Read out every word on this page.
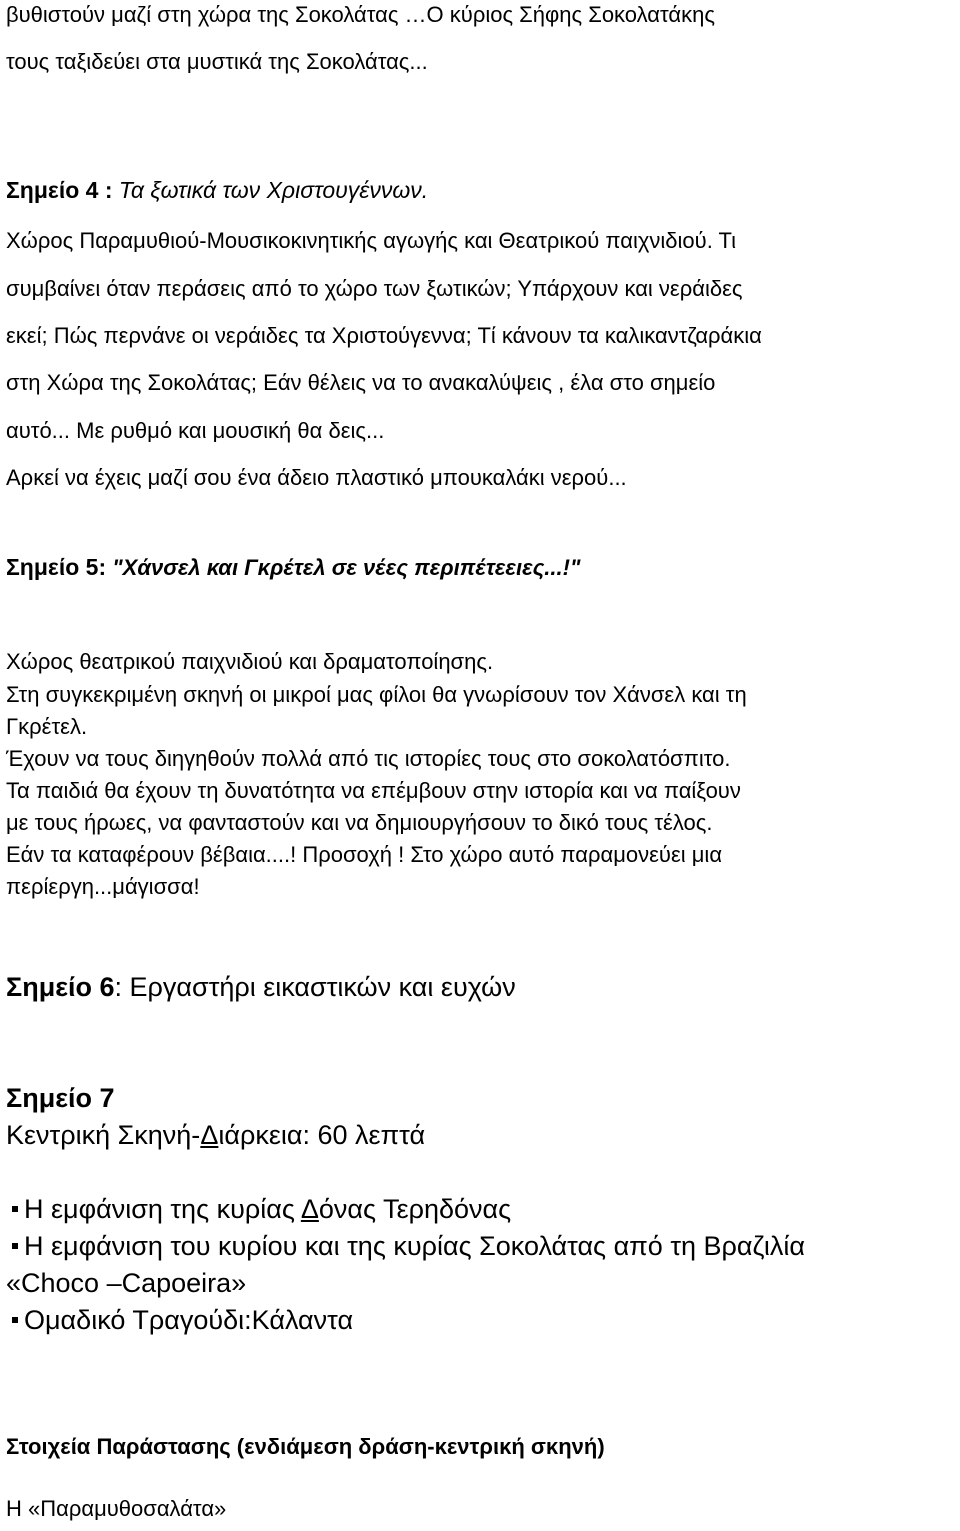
βυθιστούν μαζί στη χώρα της Σοκολάτας …Ο κύριος Σήφης Σοκολατάκης
τους ταξιδεύει στα μυστικά της Σοκολάτας...
Σημείο 4 : Τα ξωτικά των Χριστουγέννων.
Χώρος Παραμυθιού-Μουσικοκινητικής αγωγής και Θεατρικού παιχνιδιού. Τι
συμβαίνει όταν περάσεις από το χώρο των ξωτικών; Υπάρχουν και νεράιδες
εκεί; Πώς περνάνε οι νεράιδες τα Χριστούγεννα; Τί κάνουν τα καλικαντζαράκια
στη Χώρα της Σοκολάτας; Εάν θέλεις να το ανακαλύψεις , έλα στο σημείο
αυτό... Με ρυθμό και μουσική θα δεις...
Αρκεί να έχεις μαζί σου ένα άδειο πλαστικό μπουκαλάκι νερού...
Σημείο 5: "Χάνσελ και Γκρέτελ σε νέες περιπέτεειες...!"
Χώρος θεατρικού παιχνιδιού και δραματοποίησης.
Στη συγκεκριμένη σκηνή οι μικροί μας φίλοι θα γνωρίσουν τον Χάνσελ και τη
Γκρέτελ.
Έχουν να τους διηγηθούν πολλά από τις ιστορίες τους στο σοκολατόσπιτο.
Τα παιδιά θα έχουν τη δυνατότητα να επέμβουν στην ιστορία και να παίξουν
με τους ήρωες, να φανταστούν και να δημιουργήσουν το δικό τους τέλος.
Εάν τα καταφέρουν βέβαια....! Προσοχή ! Στο χώρο αυτό παραμονεύει μια
περίεργη...μάγισσα!
Σημείο 6: Εργαστήρι εικαστικών και ευχών
Σημείο 7
Κεντρική Σκηνή-Διάρκεια: 60 λεπτά
Η εμφάνιση της κυρίας Δόνας Τερηδόνας
Η εμφάνιση του κυρίου και της κυρίας Σοκολάτας από τη Βραζιλία
«Choco –Capoeira»
Ομαδικό Τραγούδι:Κάλαντα
Στοιχεία Παράστασης (ενδιάμεση δράση-κεντρική σκηνή)
Η «Παραμυθοσαλάτα»
